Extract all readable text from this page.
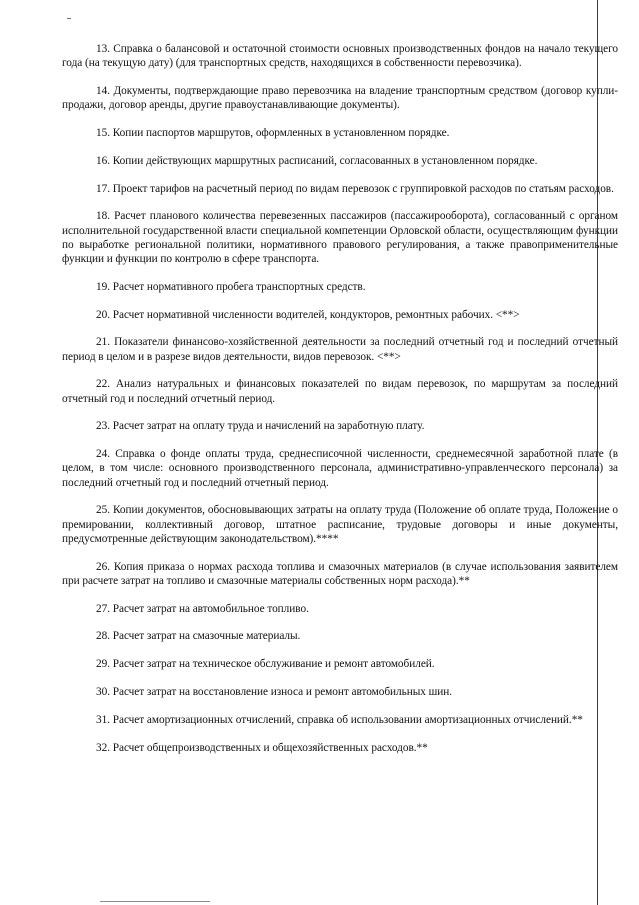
13. Справка о балансовой и остаточной стоимости основных производственных фондов на начало текущего года (на текущую дату) (для транспортных средств, находящихся в собственности перевозчика).

14. Документы, подтверждающие право перевозчика на владение транспортным средством (договор купли-продажи, договор аренды, другие правоустанавливающие документы).

15. Копии паспортов маршрутов, оформленных в установленном порядке.

16. Копии действующих маршрутных расписаний, согласованных в установленном порядке.

17. Проект тарифов на расчетный период по видам перевозок с группировкой расходов по статьям расходов.

18. Расчет планового количества перевезенных пассажиров (пассажирооборота), согласованный с органом исполнительной государственной власти специальной компетенции Орловской области, осуществляющим функции по выработке региональной политики, нормативного правового регулирования, а также правоприменительные функции и функции по контролю в сфере транспорта.

19. Расчет нормативного пробега транспортных средств.

20. Расчет нормативной численности водителей, кондукторов, ремонтных рабочих. <**>

21. Показатели финансово-хозяйственной деятельности за последний отчетный год и последний отчетный период в целом и в разрезе видов деятельности, видов перевозок. <**>

22. Анализ натуральных и финансовых показателей по видам перевозок, по маршрутам за последний отчетный год и последний отчетный период.

23. Расчет затрат на оплату труда и начислений на заработную плату.

24. Справка о фонде оплаты труда, среднесписочной численности, среднемесячной заработной плате (в целом, в том числе: основного производственного персонала, административно-управленческого персонала) за последний отчетный год и последний отчетный период.

25. Копии документов, обосновывающих затраты на оплату труда (Положение об оплате труда, Положение о премировании, коллективный договор, штатное расписание, трудовые договоры и иные документы, предусмотренные действующим законодательством).****

26. Копия приказа о нормах расхода топлива и смазочных материалов (в случае использования заявителем при расчете затрат на топливо и смазочные материалы собственных норм расхода).**

27. Расчет затрат на автомобильное топливо.

28. Расчет затрат на смазочные материалы.

29. Расчет затрат на техническое обслуживание и ремонт автомобилей.

30. Расчет затрат на восстановление износа и ремонт автомобильных шин.

31. Расчет амортизационных отчислений, справка об использовании амортизационных отчислений.**

32. Расчет общепроизводственных и общехозяйственных расходов.**
